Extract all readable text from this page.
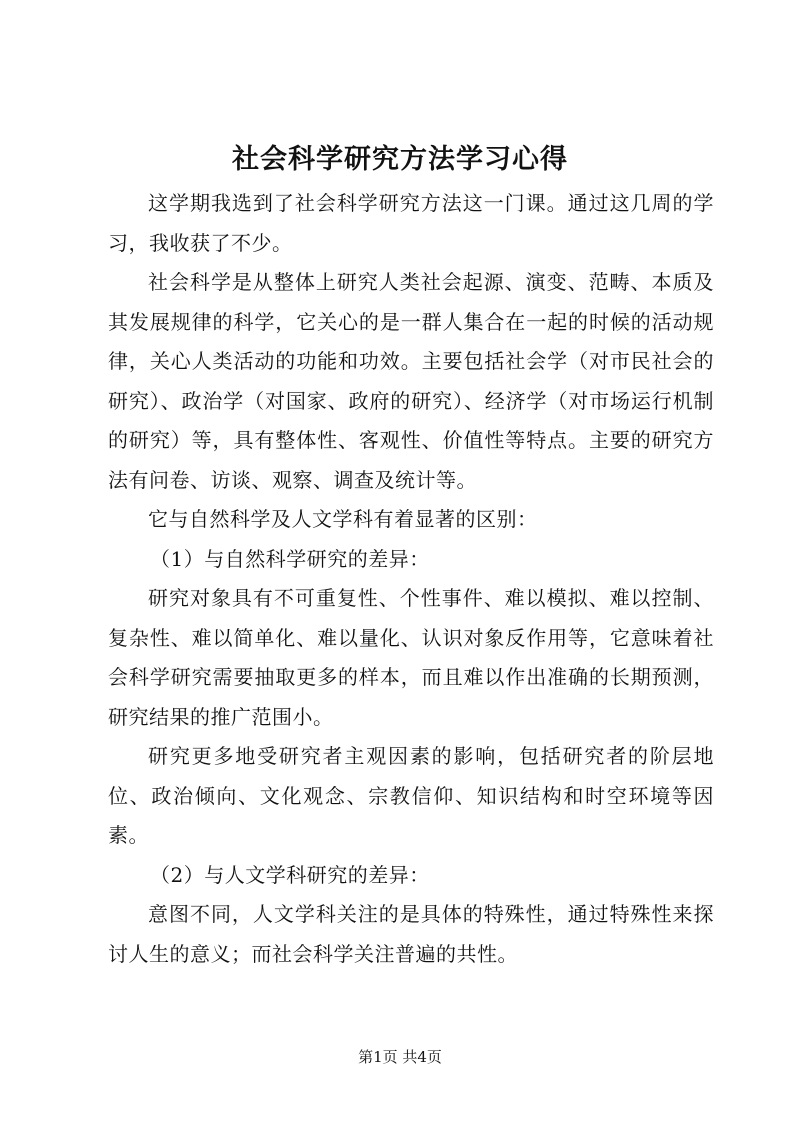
社会科学研究方法学习心得

这学期我选到了社会科学研究方法这一门课。通过这几周的学习，我收获了不少。

社会科学是从整体上研究人类社会起源、演变、范畴、本质及其发展规律的科学，它关心的是一群人集合在一起的时候的活动规律，关心人类活动的功能和功效。主要包括社会学（对市民社会的研究）、政治学（对国家、政府的研究）、经济学（对市场运行机制的研究）等，具有整体性、客观性、价值性等特点。主要的研究方法有问卷、访谈、观察、调查及统计等。

它与自然科学及人文学科有着显著的区别：

（1）与自然科学研究的差异：

研究对象具有不可重复性、个性事件、难以模拟、难以控制、复杂性、难以简单化、难以量化、认识对象反作用等，它意味着社会科学研究需要抽取更多的样本，而且难以作出准确的长期预测，研究结果的推广范围小。

研究更多地受研究者主观因素的影响，包括研究者的阶层地位、政治倾向、文化观念、宗教信仰、知识结构和时空环境等因素。

（2）与人文学科研究的差异：

意图不同，人文学科关注的是具体的特殊性，通过特殊性来探讨人生的意义；而社会科学关注普遍的共性。

第1页 共4页
